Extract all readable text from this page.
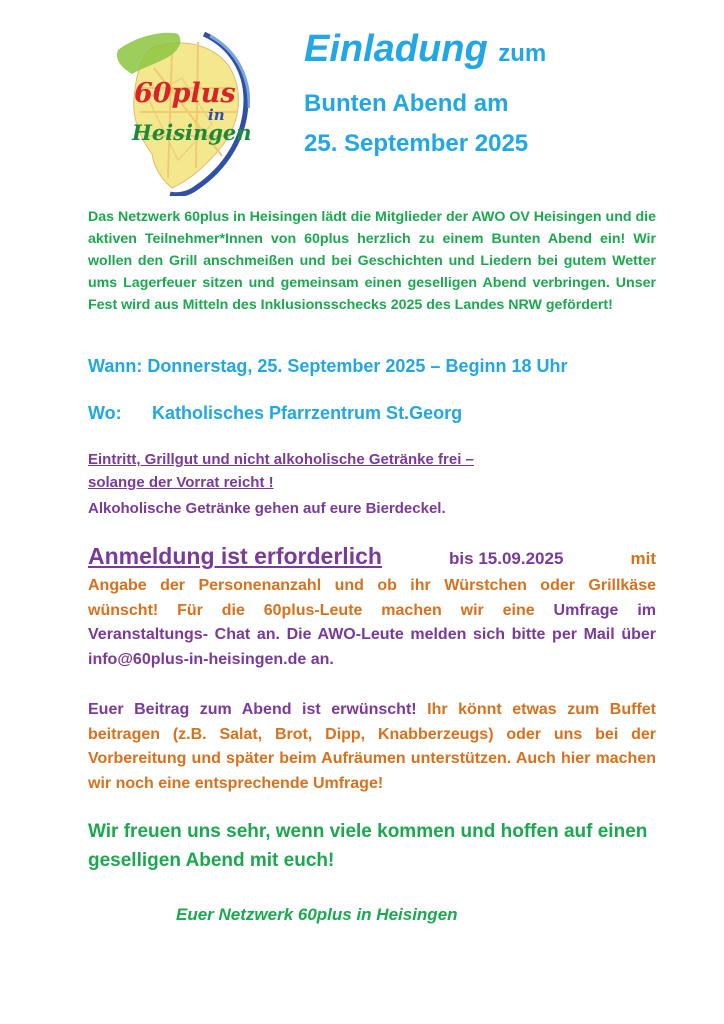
60plus
in
Heisingen
Einladung zum
Bunten Abend am
25. September 2025
Das Netzwerk 60plus in Heisingen lädt die Mitglieder der AWO OV Heisingen und die aktiven Teilnehmer*Innen von 60plus herzlich zu einem Bunten Abend ein! Wir wollen den Grill anschmeißen und bei Geschichten und Liedern bei gutem Wetter ums Lagerfeuer sitzen und gemeinsam einen geselligen Abend verbringen. Unser Fest wird aus Mitteln des Inklusionsschecks 2025 des Landes NRW gefördert!
Wann: Donnerstag, 25. September 2025 – Beginn 18 Uhr
Wo: Katholisches Pfarrzentrum St.Georg
Eintritt, Grillgut und nicht alkoholische Getränke frei –
solange der Vorrat reicht !
Alkoholische Getränke gehen auf eure Bierdeckel.
Anmeldung ist erforderlich	bis 15.09.2025	mit
Angabe der Personenanzahl und ob ihr Würstchen oder Grillkäse wünscht! Für die 60plus-Leute machen wir eine Umfrage im Veranstaltungs- Chat an. Die AWO-Leute melden sich bitte per Mail über info@60plus-in-heisingen.de an.
Euer Beitrag zum Abend ist erwünscht! Ihr könnt etwas zum Buffet beitragen (z.B. Salat, Brot, Dipp, Knabberzeugs) oder uns bei der Vorbereitung und später beim Aufräumen unterstützen. Auch hier machen wir noch eine entsprechende Umfrage!
Wir freuen uns sehr, wenn viele kommen und hoffen auf einen geselligen Abend mit euch!
Euer Netzwerk 60plus in Heisingen
